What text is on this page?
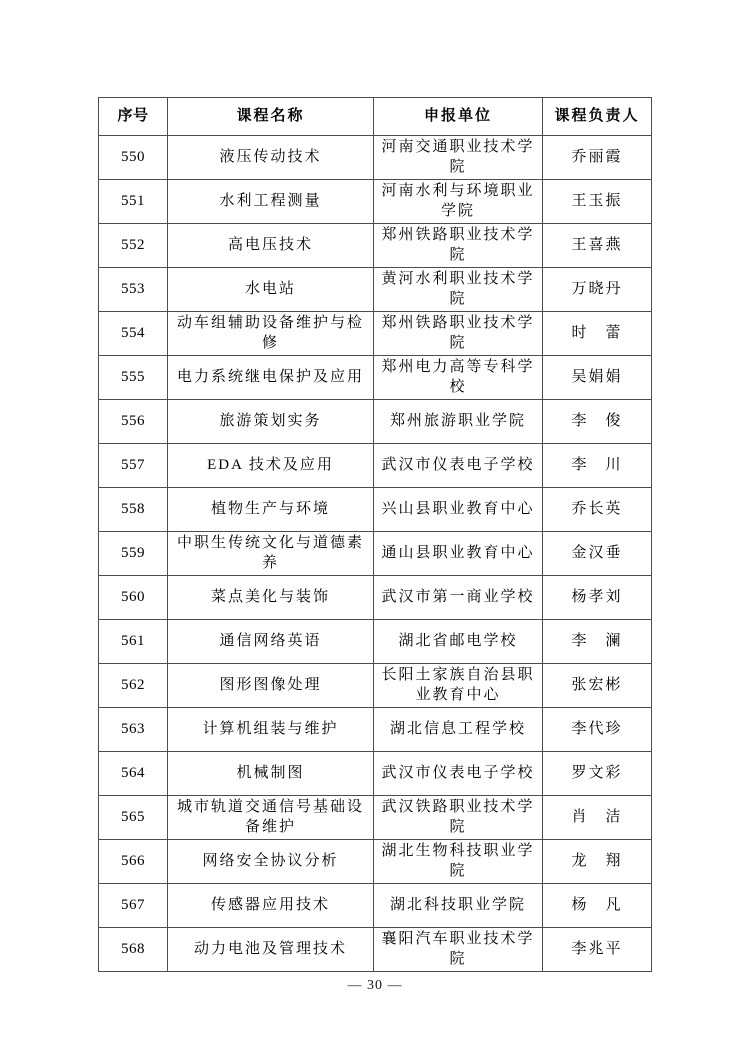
序号	课程名称	申报单位	课程负责人
550	液压传动技术	河南交通职业技术学院	乔丽霞
551	水利工程测量	河南水利与环境职业学院	王玉振
552	高电压技术	郑州铁路职业技术学院	王喜燕
553	水电站	黄河水利职业技术学院	万晓丹
554	动车组辅助设备维护与检修	郑州铁路职业技术学院	时　蕾
555	电力系统继电保护及应用	郑州电力高等专科学校	吴娟娟
556	旅游策划实务	郑州旅游职业学院	李　俊
557	EDA 技术及应用	武汉市仪表电子学校	李　川
558	植物生产与环境	兴山县职业教育中心	乔长英
559	中职生传统文化与道德素养	通山县职业教育中心	金汉垂
560	菜点美化与装饰	武汉市第一商业学校	杨孝刘
561	通信网络英语	湖北省邮电学校	李　澜
562	图形图像处理	长阳土家族自治县职业教育中心	张宏彬
563	计算机组装与维护	湖北信息工程学校	李代珍
564	机械制图	武汉市仪表电子学校	罗文彩
565	城市轨道交通信号基础设备维护	武汉铁路职业技术学院	肖　洁
566	网络安全协议分析	湖北生物科技职业学院	龙　翔
567	传感器应用技术	湖北科技职业学院	杨　凡
568	动力电池及管理技术	襄阳汽车职业技术学院	李兆平
— 30 —
